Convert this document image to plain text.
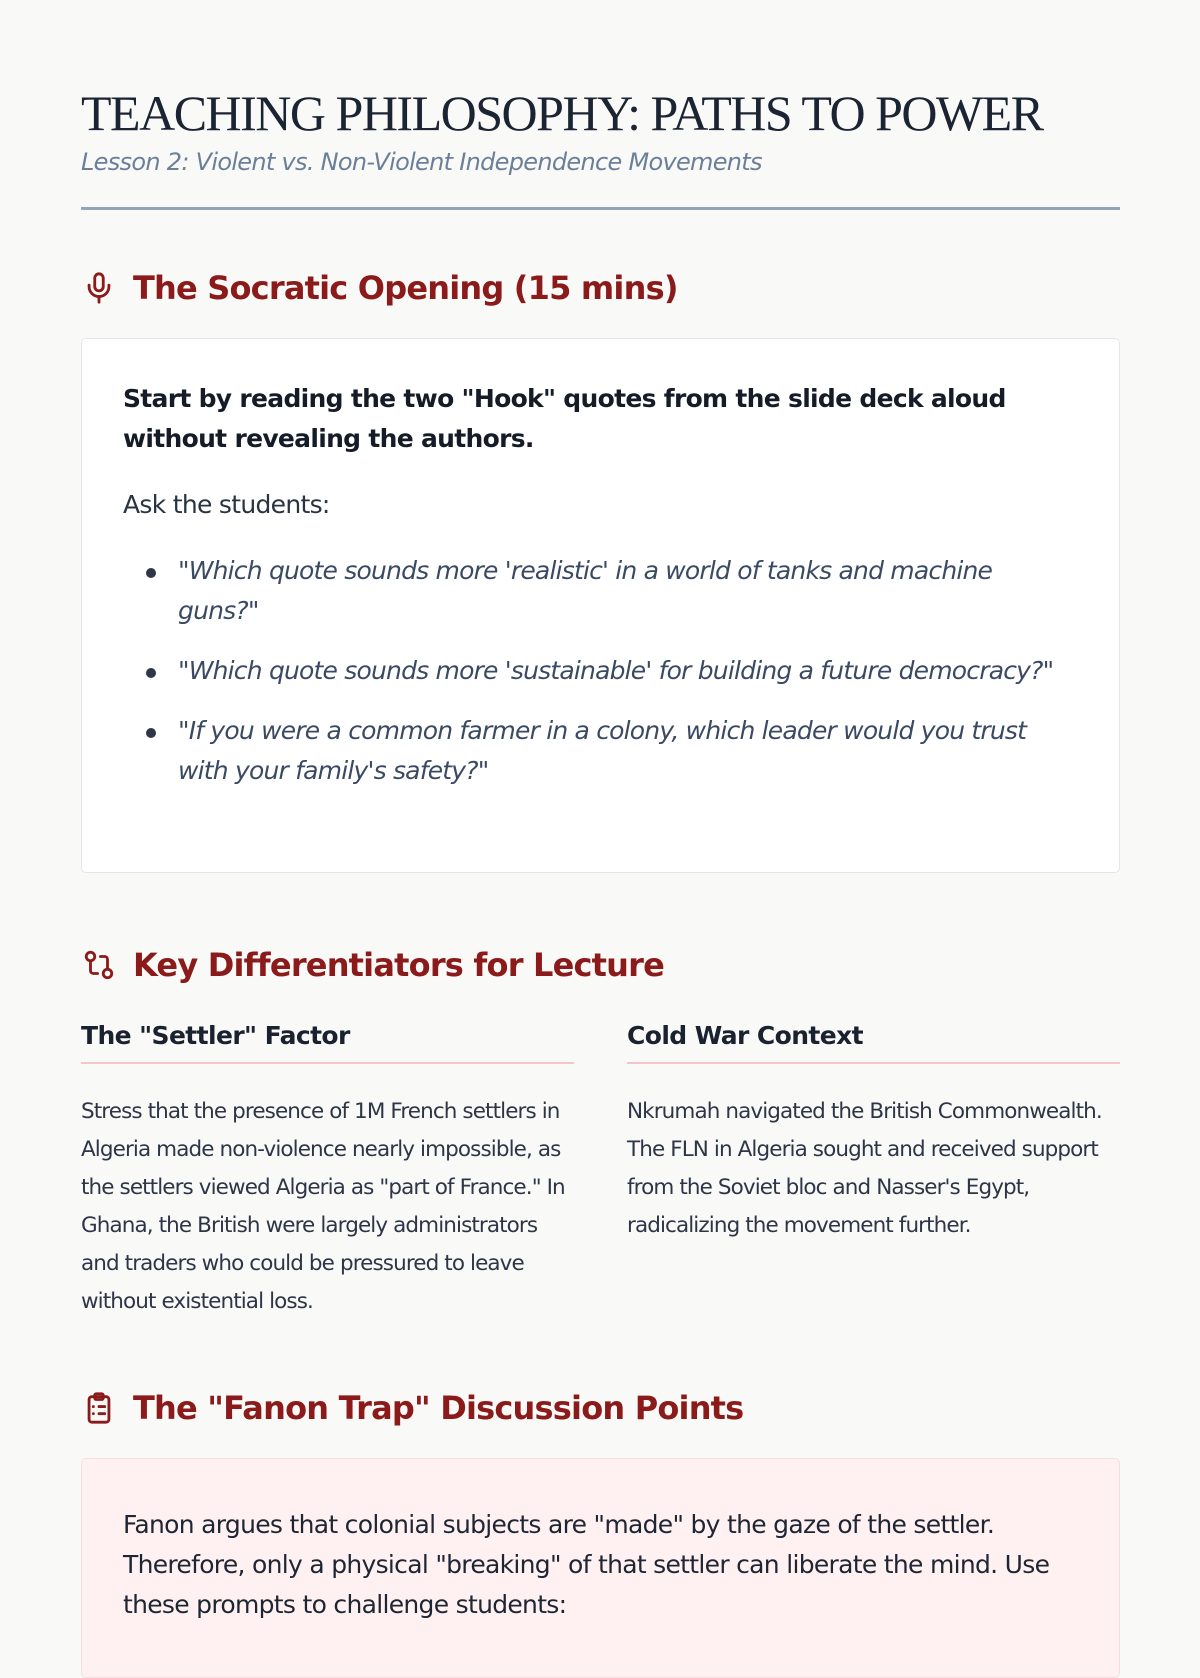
TEACHING PHILOSOPHY: PATHS TO POWER
Lesson 2: Violent vs. Non-Violent Independence Movements
The Socratic Opening (15 mins)
Start by reading the two "Hook" quotes from the slide deck aloud without revealing the authors.
Ask the students:
"Which quote sounds more 'realistic' in a world of tanks and machine guns?"
"Which quote sounds more 'sustainable' for building a future democracy?"
"If you were a common farmer in a colony, which leader would you trust with your family's safety?"
Key Differentiators for Lecture
The "Settler" Factor
Stress that the presence of 1M French settlers in Algeria made non-violence nearly impossible, as the settlers viewed Algeria as "part of France." In Ghana, the British were largely administrators and traders who could be pressured to leave without existential loss.
Cold War Context
Nkrumah navigated the British Commonwealth. The FLN in Algeria sought and received support from the Soviet bloc and Nasser's Egypt, radicalizing the movement further.
The "Fanon Trap" Discussion Points
Fanon argues that colonial subjects are "made" by the gaze of the settler. Therefore, only a physical "breaking" of that settler can liberate the mind. Use these prompts to challenge students:
